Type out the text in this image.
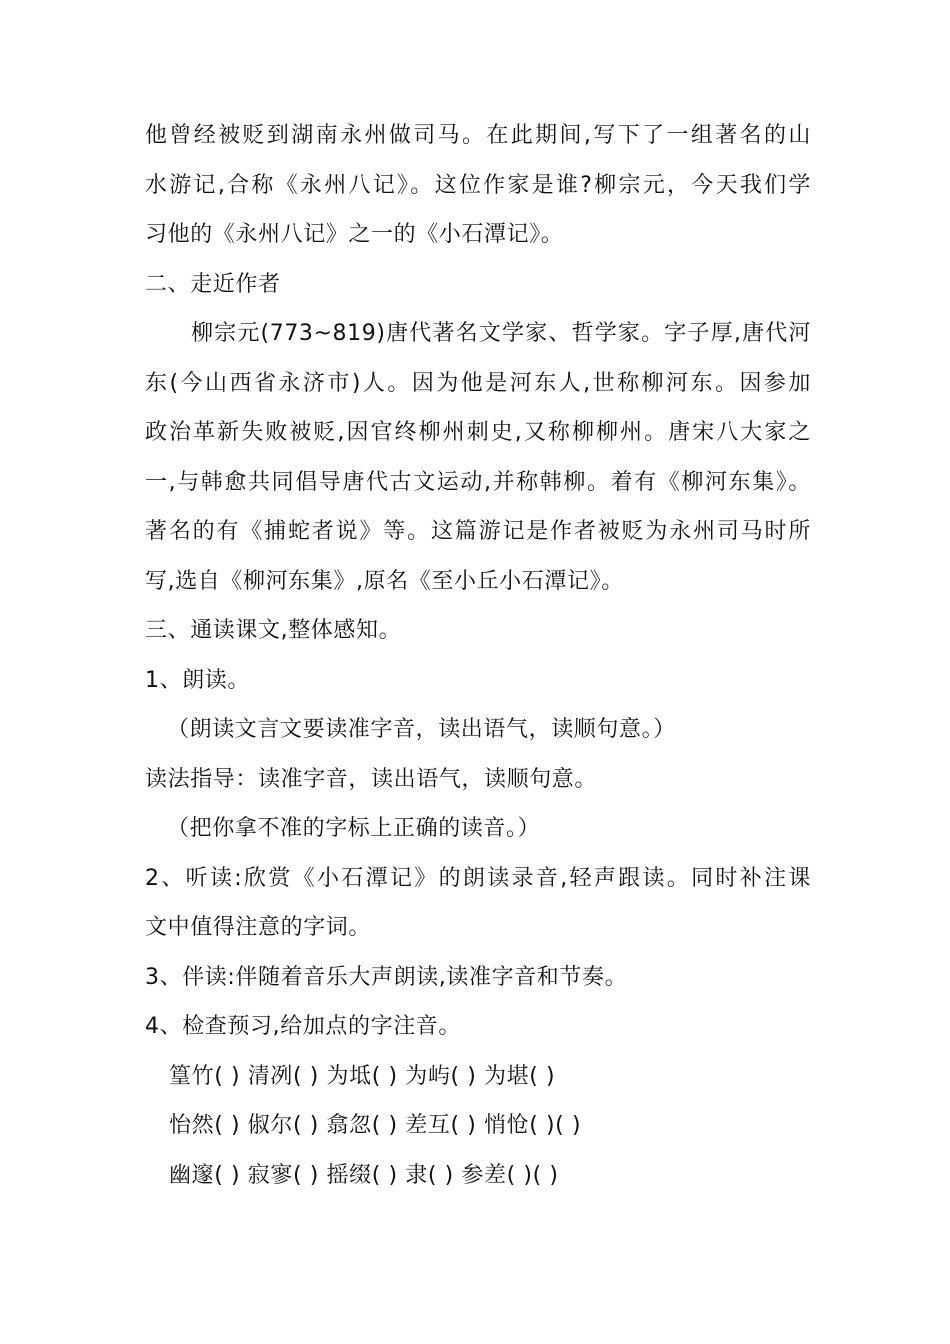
他曾经被贬到湖南永州做司马。在此期间,写下了一组著名的山
水游记,合称《永州八记》。这位作家是谁?柳宗元，今天我们学
习他的《永州八记》之一的《小石潭记》。
二、走近作者
柳宗元(773~819)唐代著名文学家、哲学家。字子厚,唐代河
东(今山西省永济市)人。因为他是河东人,世称柳河东。因参加
政治革新失败被贬,因官终柳州刺史,又称柳柳州。唐宋八大家之
一,与韩愈共同倡导唐代古文运动,并称韩柳。着有《柳河东集》。
著名的有《捕蛇者说》等。这篇游记是作者被贬为永州司马时所
写,选自《柳河东集》,原名《至小丘小石潭记》。
三、通读课文,整体感知。
1、朗读。
（朗读文言文要读准字音，读出语气，读顺句意。）
读法指导：读准字音，读出语气，读顺句意。
（把你拿不准的字标上正确的读音。）
2、听读:欣赏《小石潭记》的朗读录音,轻声跟读。同时补注课
文中值得注意的字词。
3、伴读:伴随着音乐大声朗读,读准字音和节奏。
4、检查预习,给加点的字注音。
篁竹( ) 清冽( ) 为坻( ) 为屿( ) 为堪( )
怡然( ) 俶尔( ) 翕忽( ) 差互( ) 悄怆( )( )
幽邃( ) 寂寥( ) 摇缀( ) 隶( ) 参差( )( )
